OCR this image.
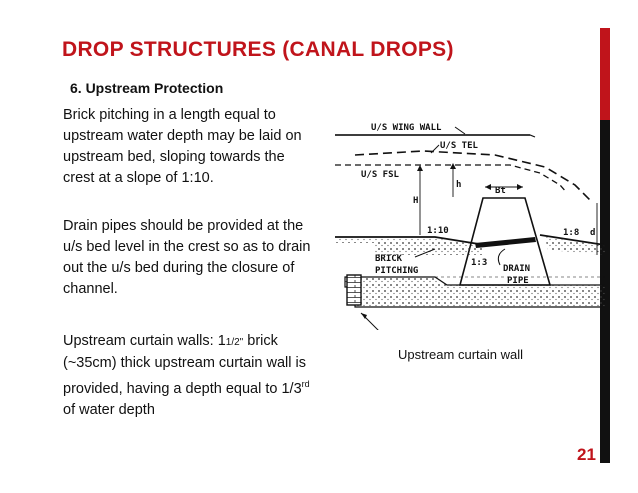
DROP STRUCTURES (CANAL DROPS)
6. Upstream Protection
Brick pitching in a length equal to upstream water depth may be laid on upstream bed, sloping towards the crest at a slope of 1:10.
Drain pipes should be provided at the u/s bed level in the crest so as to drain out the u/s bed during the closure of channel.
Upstream curtain walls: 11/2" brick (~35cm) thick upstream curtain wall is provided, having a depth equal to 1/3rd of water depth
U/S WING WALL
U/S TEL
U/S FSL
H
h
Bt
d
1:10	1:8
1:3
BRICK
PITCHING	DRAIN
PIPE
Upstream curtain wall
21
